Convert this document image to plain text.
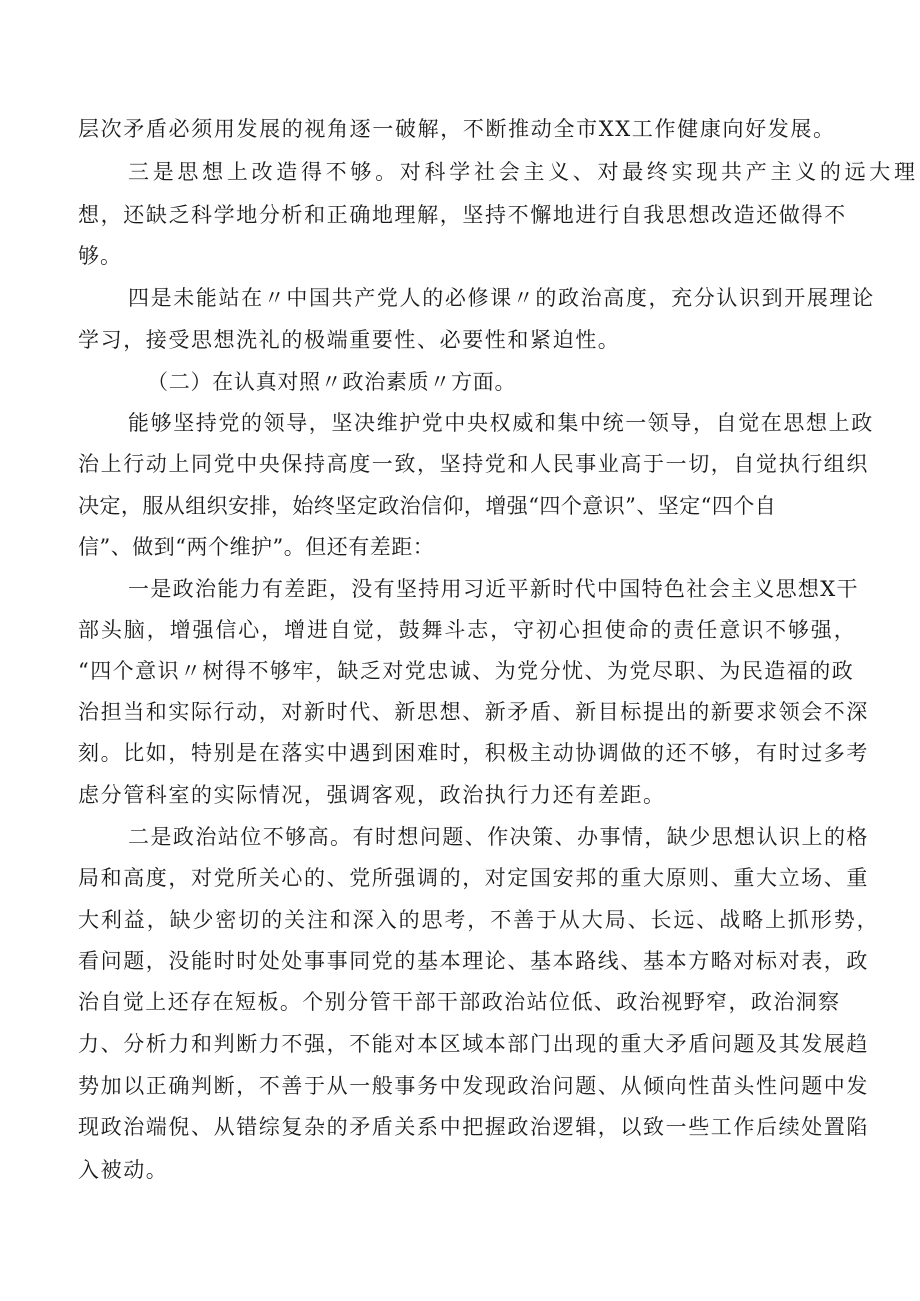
层次矛盾必须用发展的视角逐一破解，不断推动全市XX工作健康向好发展。
三是思想上改造得不够。对科学社会主义、对最终实现共产主义的远大理
想，还缺乏科学地分析和正确地理解，坚持不懈地进行自我思想改造还做得不
够。
四是未能站在〃中国共产党人的必修课〃的政治高度，充分认识到开展理论
学习，接受思想洗礼的极端重要性、必要性和紧迫性。
（二）在认真对照〃政治素质〃方面。
能够坚持党的领导，坚决维护党中央权威和集中统一领导，自觉在思想上政
治上行动上同党中央保持高度一致，坚持党和人民事业高于一切，自觉执行组织
决定，服从组织安排，始终坚定政治信仰，增强“四个意识”、坚定“四个自
信”、做到“两个维护”。但还有差距：
一是政治能力有差距，没有坚持用习近平新时代中国特色社会主义思想X干
部头脑，增强信心，增进自觉，鼓舞斗志，守初心担使命的责任意识不够强，
“四个意识〃树得不够牢，缺乏对党忠诚、为党分忧、为党尽职、为民造福的政
治担当和实际行动，对新时代、新思想、新矛盾、新目标提出的新要求领会不深
刻。比如，特别是在落实中遇到困难时，积极主动协调做的还不够，有时过多考
虑分管科室的实际情况，强调客观，政治执行力还有差距。
二是政治站位不够高。有时想问题、作决策、办事情，缺少思想认识上的格
局和高度，对党所关心的、党所强调的，对定国安邦的重大原则、重大立场、重
大利益，缺少密切的关注和深入的思考，不善于从大局、长远、战略上抓形势，
看问题，没能时时处处事事同党的基本理论、基本路线、基本方略对标对表，政
治自觉上还存在短板。个别分管干部干部政治站位低、政治视野窄，政治洞察
力、分析力和判断力不强，不能对本区域本部门出现的重大矛盾问题及其发展趋
势加以正确判断，不善于从一般事务中发现政治问题、从倾向性苗头性问题中发
现政治端倪、从错综复杂的矛盾关系中把握政治逻辑，以致一些工作后续处置陷
入被动。
